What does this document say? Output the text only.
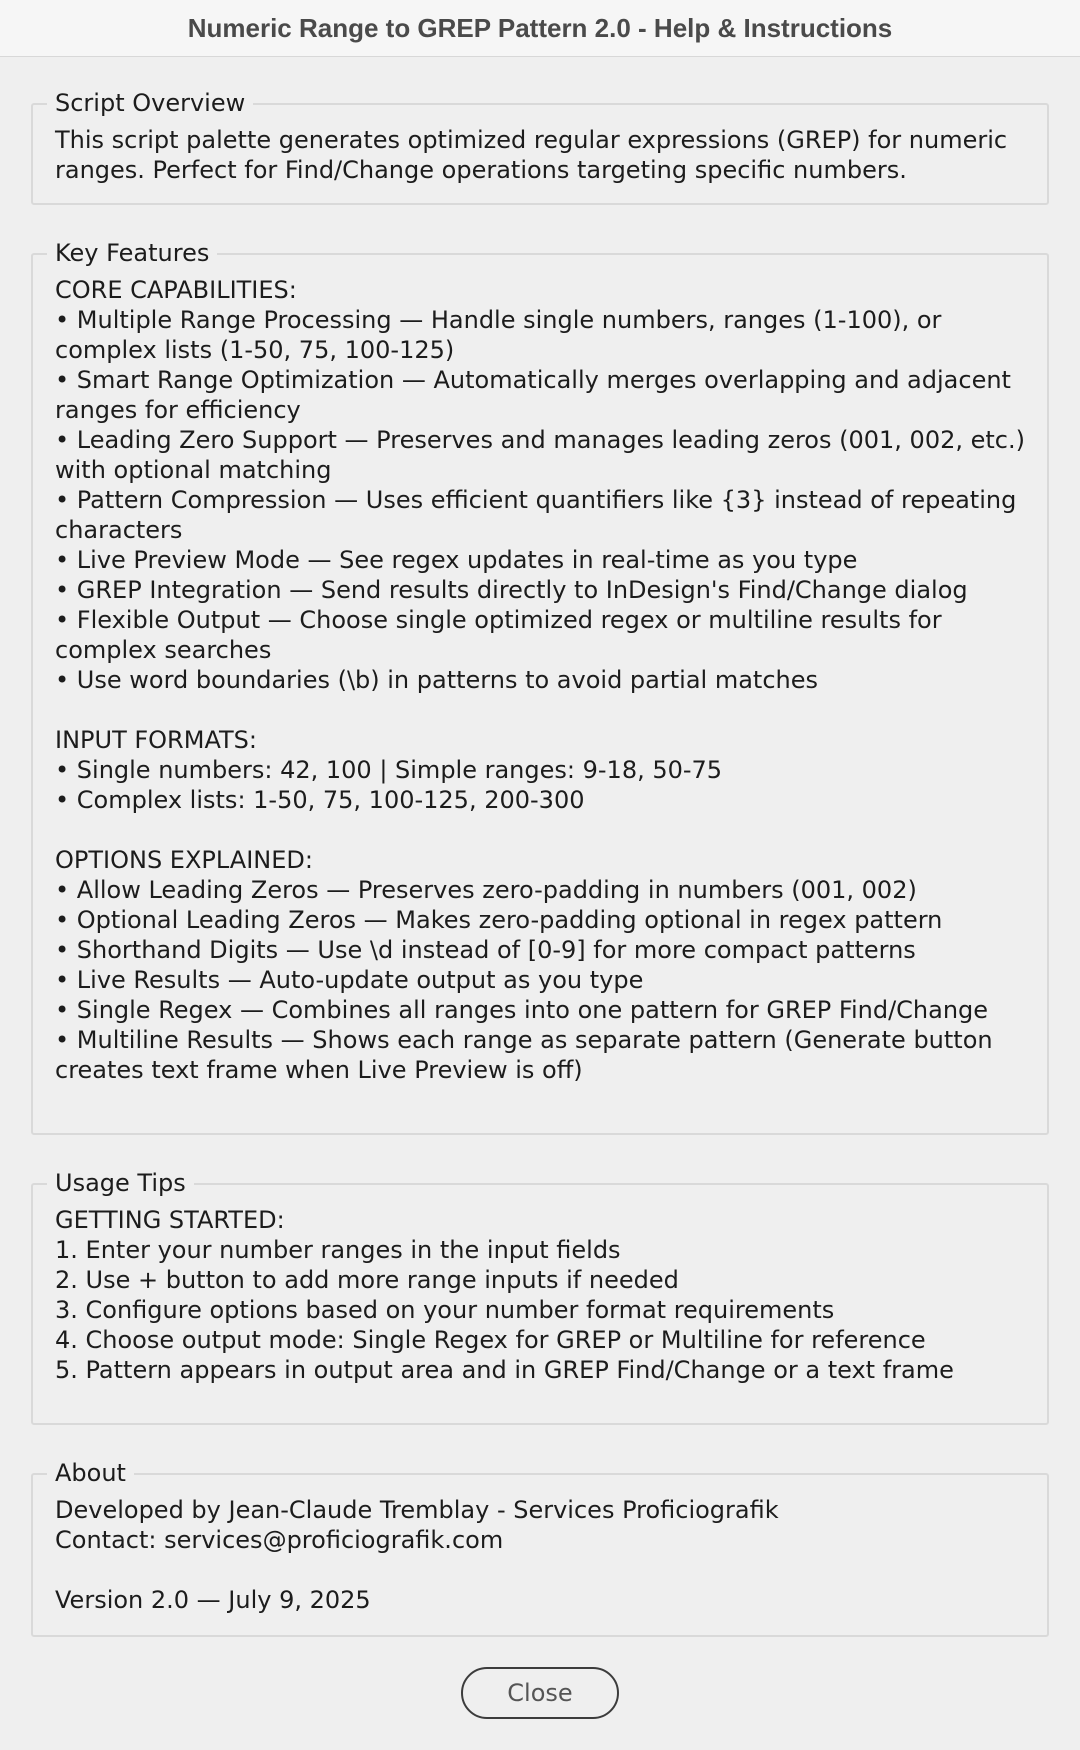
Numeric Range to GREP Pattern 2.0 - Help & Instructions
Script Overview
This script palette generates optimized regular expressions (GREP) for numeric
ranges. Perfect for Find/Change operations targeting specific numbers.
Key Features
CORE CAPABILITIES:
• Multiple Range Processing — Handle single numbers, ranges (1-100), or
complex lists (1-50, 75, 100-125)
• Smart Range Optimization — Automatically merges overlapping and adjacent
ranges for efficiency
• Leading Zero Support — Preserves and manages leading zeros (001, 002, etc.)
with optional matching
• Pattern Compression — Uses efficient quantifiers like {3} instead of repeating
characters
• Live Preview Mode — See regex updates in real-time as you type
• GREP Integration — Send results directly to InDesign's Find/Change dialog
• Flexible Output — Choose single optimized regex or multiline results for
complex searches
• Use word boundaries (\b) in patterns to avoid partial matches
INPUT FORMATS:
• Single numbers: 42, 100 | Simple ranges: 9-18, 50-75
• Complex lists: 1-50, 75, 100-125, 200-300
OPTIONS EXPLAINED:
• Allow Leading Zeros — Preserves zero-padding in numbers (001, 002)
• Optional Leading Zeros — Makes zero-padding optional in regex pattern
• Shorthand Digits — Use \d instead of [0-9] for more compact patterns
• Live Results — Auto-update output as you type
• Single Regex — Combines all ranges into one pattern for GREP Find/Change
• Multiline Results — Shows each range as separate pattern (Generate button
creates text frame when Live Preview is off)
Usage Tips
GETTING STARTED:
1. Enter your number ranges in the input fields
2. Use + button to add more range inputs if needed
3. Configure options based on your number format requirements
4. Choose output mode: Single Regex for GREP or Multiline for reference
5. Pattern appears in output area and in GREP Find/Change or a text frame
About
Developed by Jean-Claude Tremblay - Services Proficiografik
Contact: services@proficiografik.com
Version 2.0 — July 9, 2025
Close
